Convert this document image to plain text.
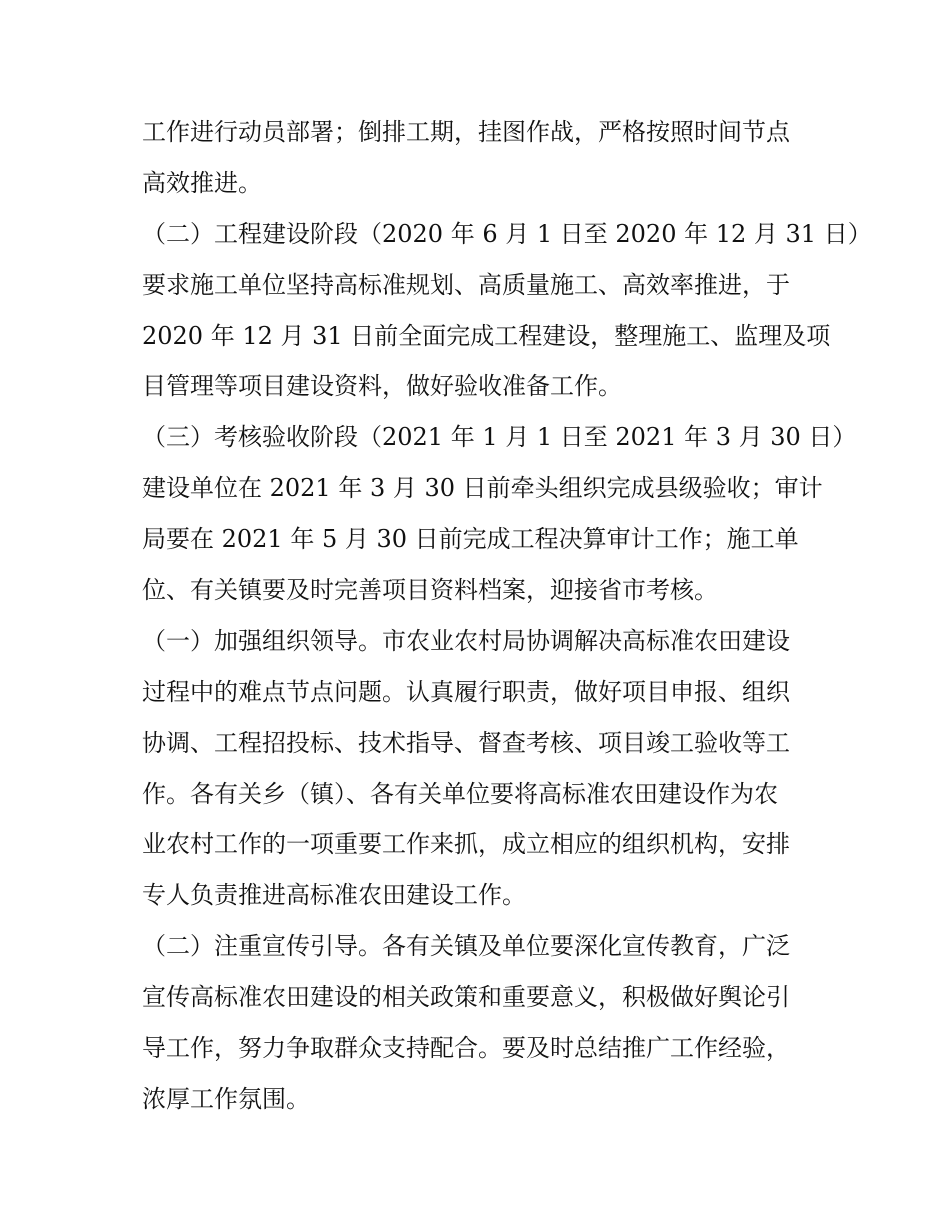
工作进行动员部署；倒排工期，挂图作战，严格按照时间节点
高效推进。
（二）工程建设阶段（2020 年 6 月 1 日至 2020 年 12 月 31 日）
要求施工单位坚持高标准规划、高质量施工、高效率推进，于
2020 年 12 月 31 日前全面完成工程建设，整理施工、监理及项
目管理等项目建设资料，做好验收准备工作。
（三）考核验收阶段（2021 年 1 月 1 日至 2021 年 3 月 30 日）
建设单位在 2021 年 3 月 30 日前牵头组织完成县级验收；审计
局要在 2021 年 5 月 30 日前完成工程决算审计工作；施工单
位、有关镇要及时完善项目资料档案，迎接省市考核。
（一）加强组织领导。市农业农村局协调解决高标准农田建设
过程中的难点节点问题。认真履行职责，做好项目申报、组织
协调、工程招投标、技术指导、督查考核、项目竣工验收等工
作。各有关乡（镇）、各有关单位要将高标准农田建设作为农
业农村工作的一项重要工作来抓，成立相应的组织机构，安排
专人负责推进高标准农田建设工作。
（二）注重宣传引导。各有关镇及单位要深化宣传教育，广泛
宣传高标准农田建设的相关政策和重要意义，积极做好舆论引
导工作，努力争取群众支持配合。要及时总结推广工作经验，
浓厚工作氛围。
